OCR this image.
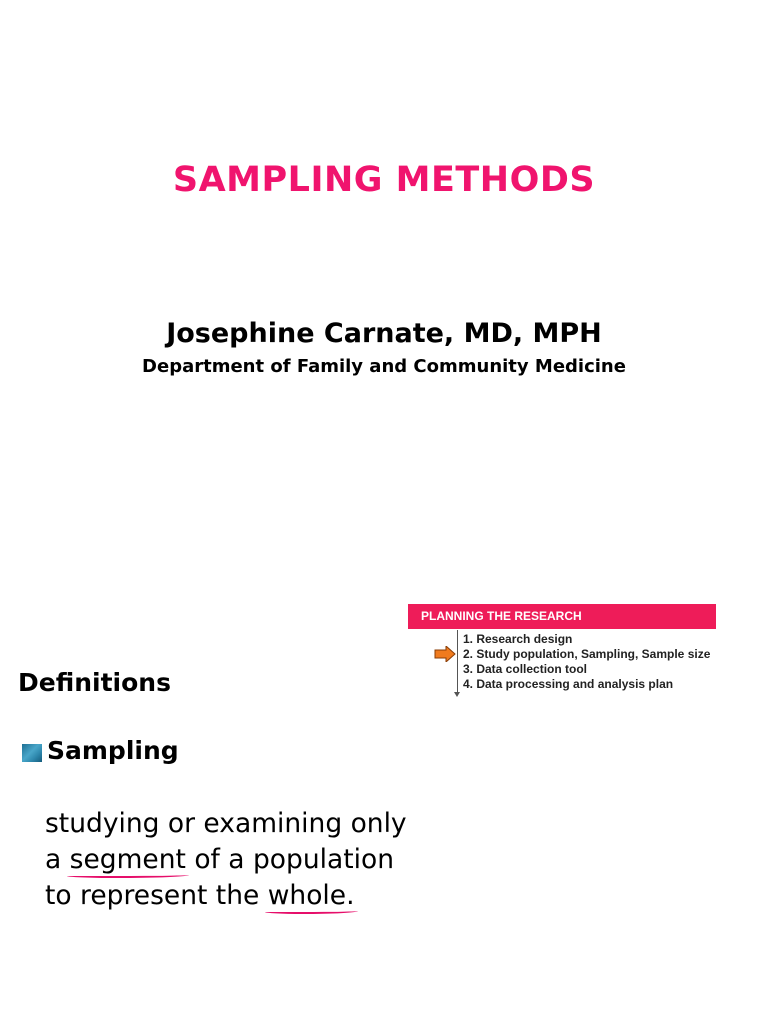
SAMPLING METHODS
Josephine Carnate, MD, MPH
Department of Family and Community Medicine
PLANNING THE RESEARCH
1. Research design
2. Study population, Sampling, Sample size
3. Data collection tool
4. Data processing and analysis plan
Definitions
Sampling
studying or examining only
a segment
of a population
to represent the whole.
